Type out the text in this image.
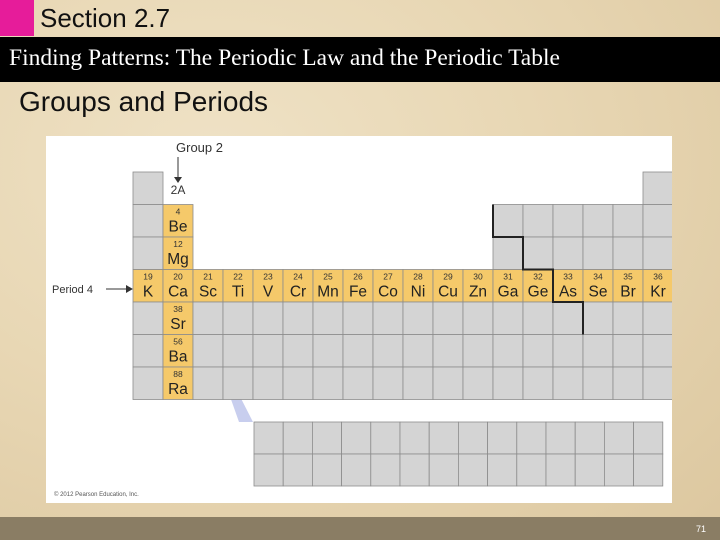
Section 2.7
Finding Patterns: The Periodic Law and the Periodic Table
Groups and Periods
Group 2
2A
Period 4
19
K
20
Ca
21
Sc
22
Ti
23
V
24
Cr
25
Mn
26
Fe
27
Co
28
Ni
29
Cu
30
Zn
31
Ga
32
Ge
33
As
34
Se
35
Br
36
Kr
4
Be
12
Mg
38
Sr
56
Ba
88
Ra
© 2012 Pearson Education, Inc.
71
